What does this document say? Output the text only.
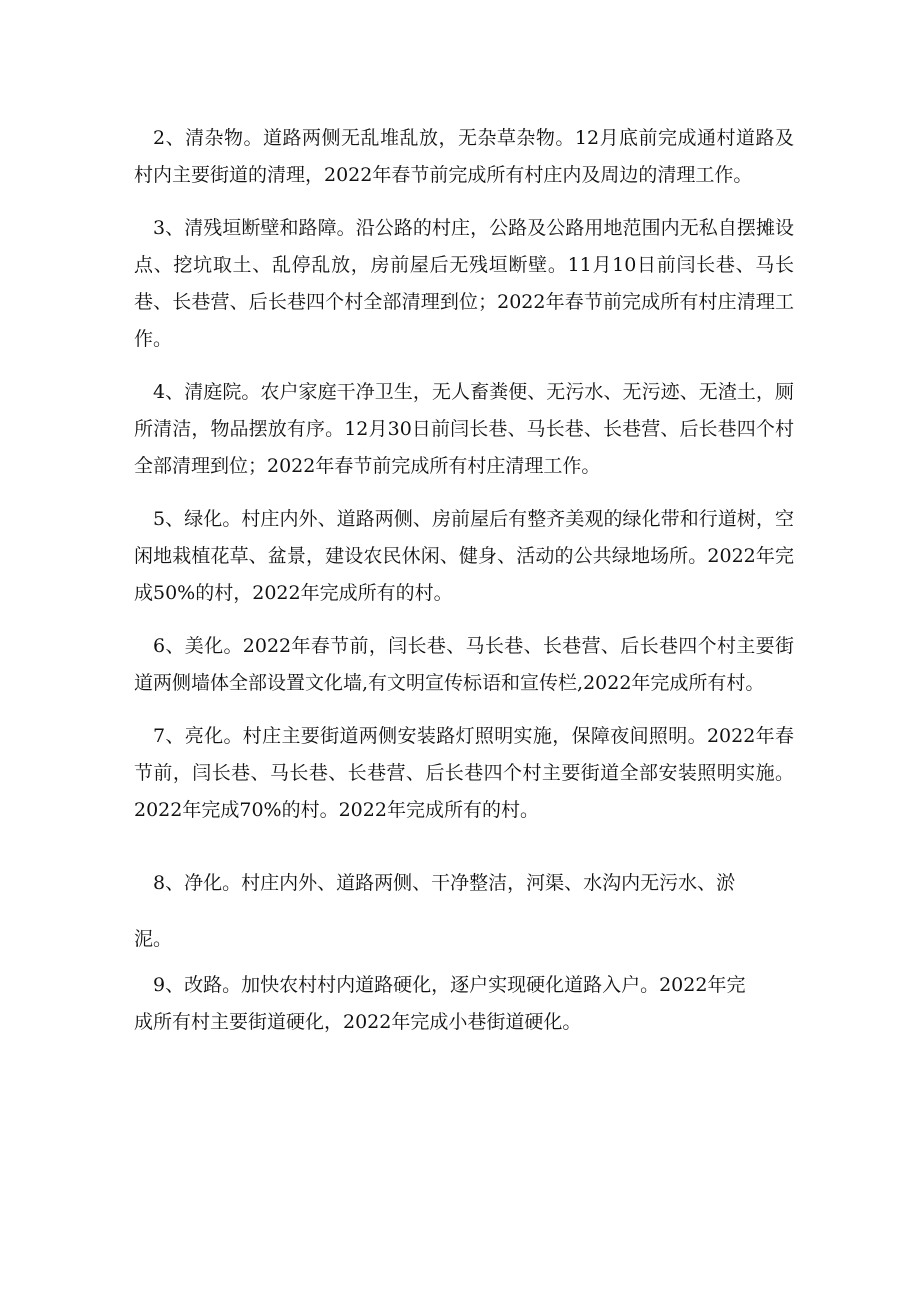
2、清杂物。道路两侧无乱堆乱放，无杂草杂物。12月底前完成通村道路及村内主要街道的清理，2022年春节前完成所有村庄内及周边的清理工作。

3、清残垣断壁和路障。沿公路的村庄，公路及公路用地范围内无私自摆摊设点、挖坑取土、乱停乱放，房前屋后无残垣断壁。11月10日前闫长巷、马长巷、长巷营、后长巷四个村全部清理到位；2022年春节前完成所有村庄清理工作。

4、清庭院。农户家庭干净卫生，无人畜粪便、无污水、无污迹、无渣土，厕所清洁，物品摆放有序。12月30日前闫长巷、马长巷、长巷营、后长巷四个村全部清理到位；2022年春节前完成所有村庄清理工作。

5、绿化。村庄内外、道路两侧、房前屋后有整齐美观的绿化带和行道树，空闲地栽植花草、盆景，建设农民休闲、健身、活动的公共绿地场所。2022年完成50%的村，2022年完成所有的村。

6、美化。2022年春节前，闫长巷、马长巷、长巷营、后长巷四个村主要街道两侧墙体全部设置文化墙,有文明宣传标语和宣传栏,2022年完成所有村。

7、亮化。村庄主要街道两侧安装路灯照明实施，保障夜间照明。2022年春节前，闫长巷、马长巷、长巷营、后长巷四个村主要街道全部安装照明实施。2022年完成70%的村。2022年完成所有的村。

8、净化。村庄内外、道路两侧、干净整洁，河渠、水沟内无污水、淤泥。

9、改路。加快农村村内道路硬化，逐户实现硬化道路入户。2022年完成所有村主要街道硬化，2022年完成小巷街道硬化。
